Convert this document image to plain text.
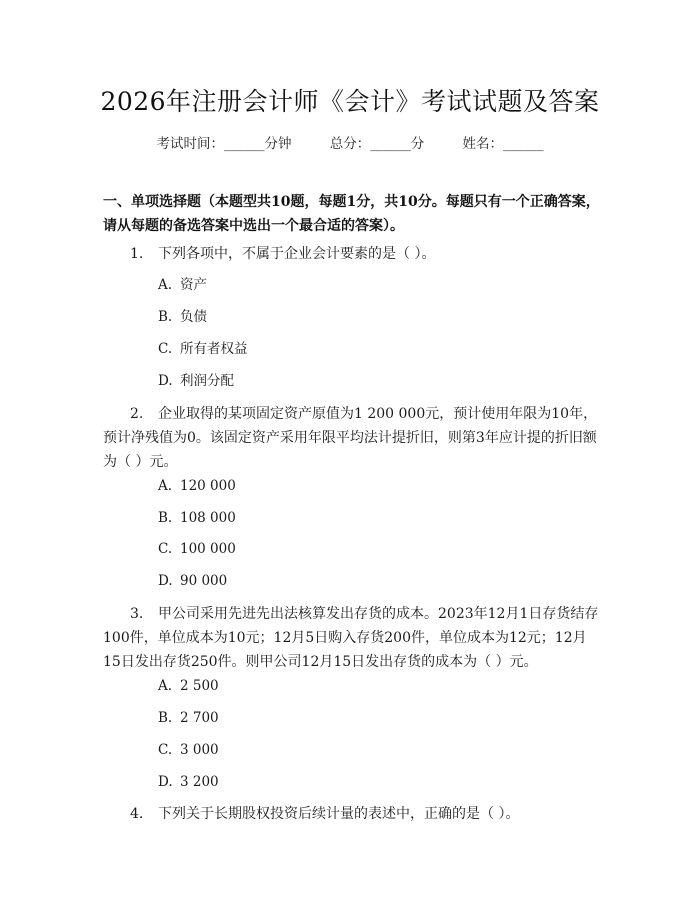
2026年注册会计师《会计》考试试题及答案
考试时间：______分钟	总分：______分	姓名：______
一、单项选择题（本题型共10题，每题1分，共10分。每题只有一个正确答案，请从每题的备选答案中选出一个最合适的答案）。
1. 下列各项中，不属于企业会计要素的是（ ）。
A. 资产
B. 负债
C. 所有者权益
D. 利润分配
2. 企业取得的某项固定资产原值为1 200 000元，预计使用年限为10年，预计净残值为0。该固定资产采用年限平均法计提折旧，则第3年应计提的折旧额为（ ）元。
A. 120 000
B. 108 000
C. 100 000
D. 90 000
3. 甲公司采用先进先出法核算发出存货的成本。2023年12月1日存货结存100件，单位成本为10元；12月5日购入存货200件，单位成本为12元；12月15日发出存货250件。则甲公司12月15日发出存货的成本为（ ）元。
A. 2 500
B. 2 700
C. 3 000
D. 3 200
4. 下列关于长期股权投资后续计量的表述中，正确的是（ ）。
